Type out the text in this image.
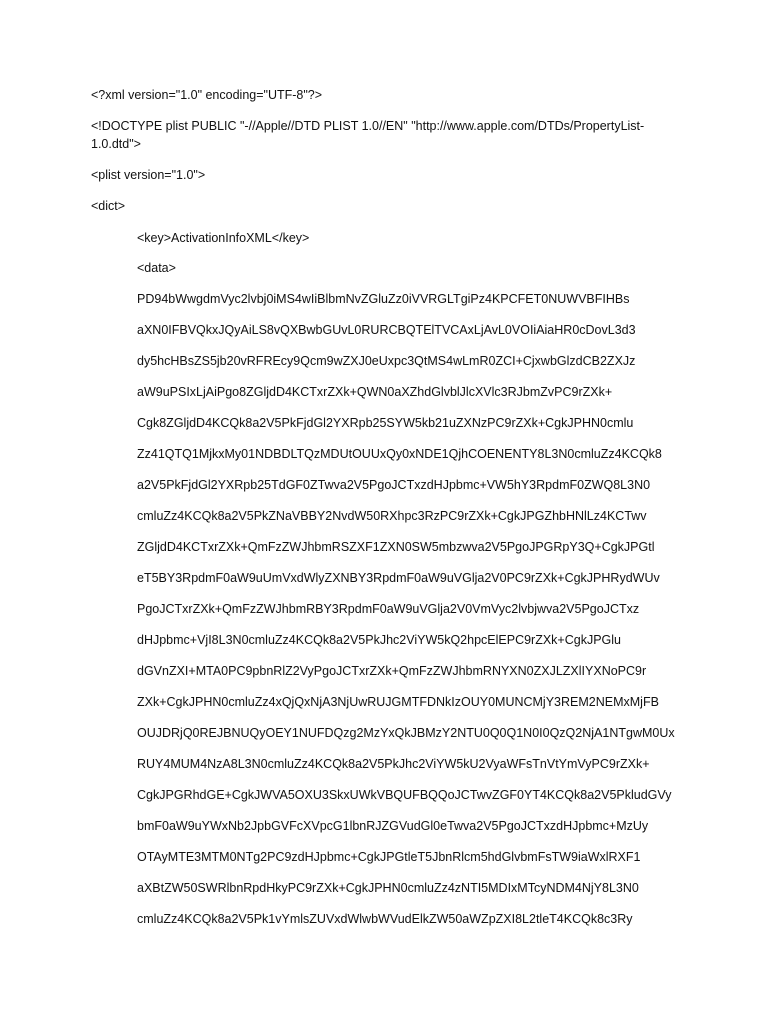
<?xml version="1.0" encoding="UTF-8"?>
<!DOCTYPE plist PUBLIC "-//Apple//DTD PLIST 1.0//EN" "http://www.apple.com/DTDs/PropertyList-1.0.dtd">
<plist version="1.0">
<dict>
<key>ActivationInfoXML</key>
<data>
PD94bWwgdmVyc2lvbj0iMS4wIiBlbmNvZGluZz0iVVRGLTgiPz4KPCFET0NUWVBFIHBs
aXN0IFBVQkxJQyAiLS8vQXBwbGUvL0RURCBQTElTVCAxLjAvL0VOIiAiaHR0cDovL3d3
dy5hcHBsZS5jb20vRFREcy9Qcm9wZXJ0eUxpc3QtMS4wLmR0ZCI+CjxwbGlzdCB2ZXJz
aW9uPSIxLjAiPgo8ZGljdD4KCTxrZXk+QWN0aXZhdGlvblJlcXVlc3RJbmZvPC9rZXk+
Cgk8ZGljdD4KCQk8a2V5PkFjdGl2YXRpb25SYW5kb21uZXNzPC9rZXk+CgkJPHN0cmlu
Zz41QTQ1MjkxMy01NDBDLTQzMDUtOUUxQy0xNDE1QjhCOENENTY8L3N0cmluZz4KCQk8
a2V5PkFjdGl2YXRpb25TdGF0ZTwva2V5PgoJCTxzdHJpbmc+VW5hY3RpdmF0ZWQ8L3N0
cmluZz4KCQk8a2V5PkZNaVBBY2NvdW50RXhpc3RzPC9rZXk+CgkJPGZhbHNlLz4KCTwv
ZGljdD4KCTxrZXk+QmFzZWJhbmRSZXF1ZXN0SW5mbzwva2V5PgoJPGRpY3Q+CgkJPGtl
eT5BY3RpdmF0aW9uUmVxdWlyZXNBY3RpdmF0aW9uVGlja2V0PC9rZXk+CgkJPHRydWUv
PgoJCTxrZXk+QmFzZWJhbmRBY3RpdmF0aW9uVGlja2V0VmVyc2lvbjwva2V5PgoJCTxz
dHJpbmc+VjI8L3N0cmluZz4KCQk8a2V5PkJhc2ViYW5kQ2hpcElEPC9rZXk+CgkJPGlu
dGVnZXI+MTA0PC9pbnRlZ2VyPgoJCTxrZXk+QmFzZWJhbmRNYXN0ZXJLZXlIYXNoPC9r
ZXk+CgkJPHN0cmluZz4xQjQxNjA3NjUwRUJGMTFDNkIzOUY0MUNCMjY3REM2NEMxMjFB
OUJDRjQ0REJBNUQyOEY1NUFDQzg2MzYxQkJBMzY2NTU0Q0Q1N0I0QzQ2NjA1NTgwM0Ux
RUY4MUM4NzA8L3N0cmluZz4KCQk8a2V5PkJhc2ViYW5kU2VyaWFsTnVtYmVyPC9rZXk+
CgkJPGRhdGE+CgkJWVA5OXU3SkxUWkVBQUFBQQoJCTwvZGF0YT4KCQk8a2V5PkludGVy
bmF0aW9uYWxNb2JpbGVFcXVpcG1lbnRJZGVudGl0eTwva2V5PgoJCTxzdHJpbmc+MzUy
OTAyMTE3MTM0NTg2PC9zdHJpbmc+CgkJPGtleT5JbnRlcm5hdGlvbmFsTW9iaWxlRXF1
aXBtZW50SWRlbnRpdHkyPC9rZXk+CgkJPHN0cmluZz4zNTI5MDIxMTcyNDM4NjY8L3N0
cmluZz4KCQk8a2V5Pk1vYmlsZUVxdWlwbWVudElkZW50aWZpZXI8L2tleT4KCQk8c3Ry
